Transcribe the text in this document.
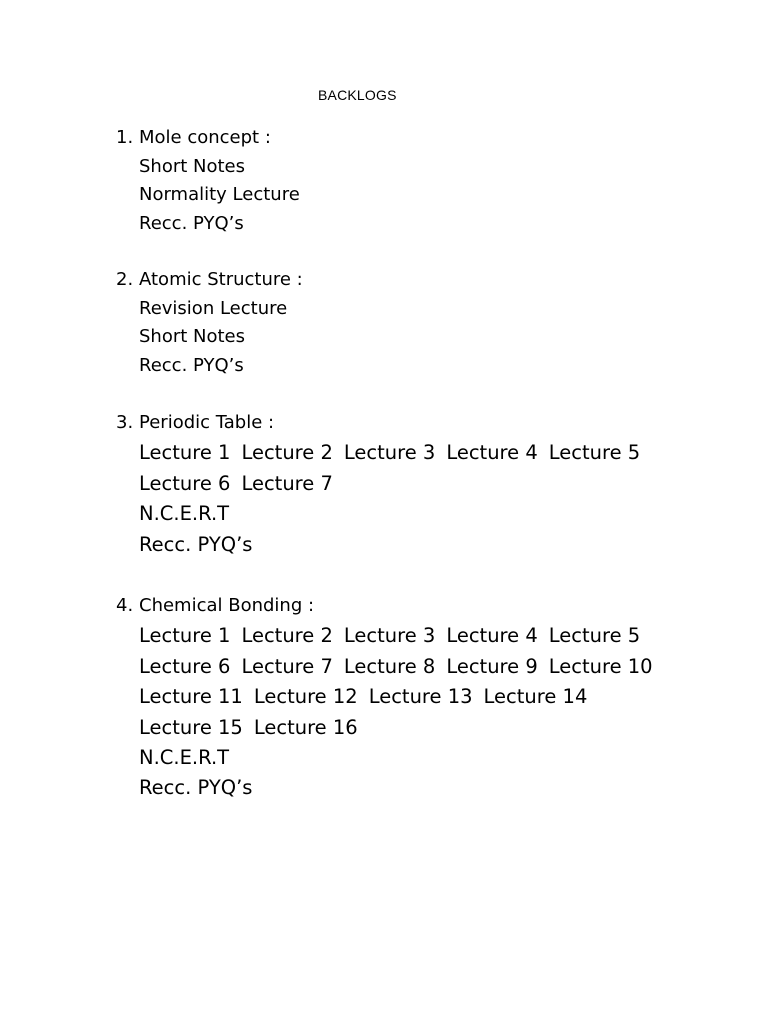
BACKLOGS
1. Mole concept :
Short Notes
Normality Lecture
Recc. PYQ’s
2. Atomic Structure :
Revision Lecture
Short Notes
Recc. PYQ’s
3. Periodic Table :
Lecture 1 Lecture 2 Lecture 3 Lecture 4 Lecture 5
Lecture 6 Lecture 7
N.C.E.R.T
Recc. PYQ’s
4. Chemical Bonding :
Lecture 1 Lecture 2 Lecture 3 Lecture 4 Lecture 5
Lecture 6 Lecture 7 Lecture 8 Lecture 9 Lecture 10
Lecture 11 Lecture 12 Lecture 13 Lecture 14
Lecture 15 Lecture 16
N.C.E.R.T
Recc. PYQ’s
